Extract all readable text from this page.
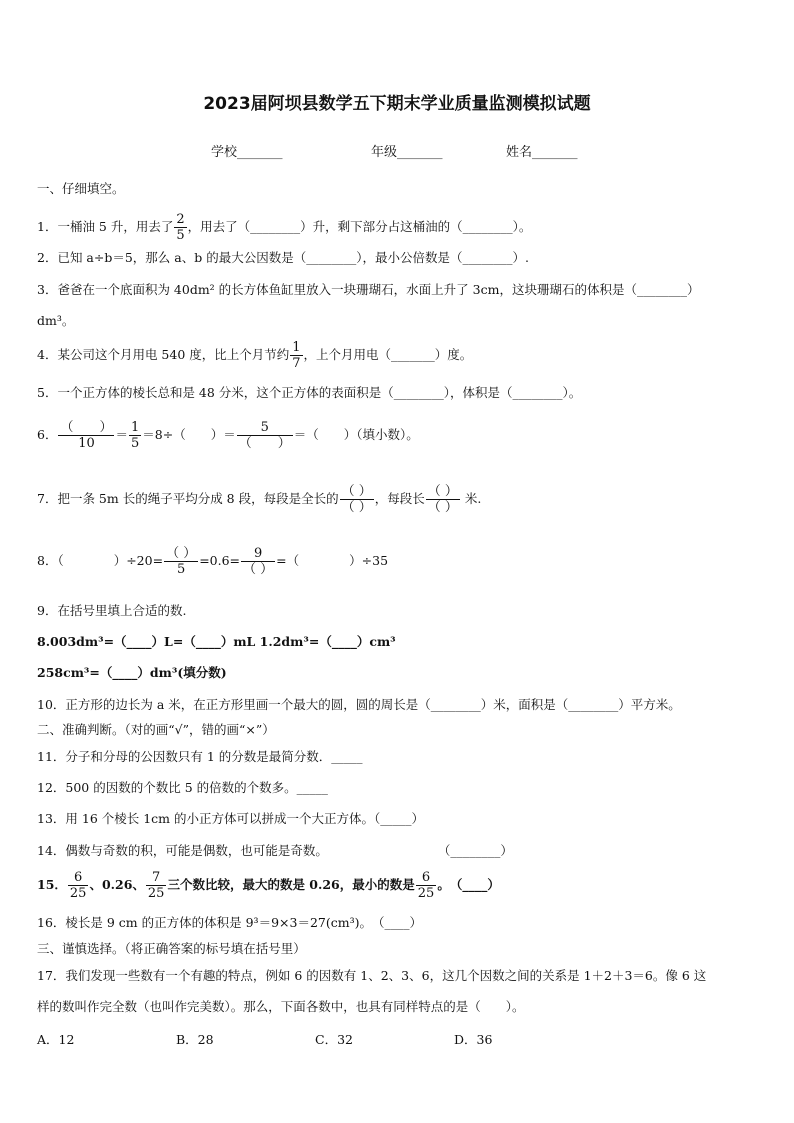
2023届阿坝县数学五下期末学业质量监测模拟试题
学校_______	年级_______	姓名_______
一、仔细填空。
1．一桶油 5 升，用去了 $\frac{2}{5}$ ，用去了（________）升，剩下部分占这桶油的（________）。
2．已知 a÷b＝5，那么 a、b 的最大公因数是（________），最小公倍数是（________）.
3．爸爸在一个底面积为 40dm² 的长方体鱼缸里放入一块珊瑚石，水面上升了 3cm，这块珊瑚石的体积是（________）
dm³。
4．某公司这个月用电 540 度，比上个月节约 $\frac{1}{7}$ ，上个月用电（_______）度。
5．一个正方体的棱长总和是 48 分米，这个正方体的表面积是（________），体积是（________）。
6． $\frac{( )}{10} = \frac{1}{5} =8\div$（　　）＝ $\frac{5}{( )}$ ＝（　　）（填小数）。
7．把一条 5m 长的绳子平均分成 8 段，每段是全长的 $\frac{( )}{( )}$ ，每段长 $\frac{( )}{( )}$ 米.
8．（　　　　）$\div 20= \frac{( )}{5} =0.6= \frac{9}{( )}$ =（　　　　）÷35
9．在括号里填上合适的数.
8.003dm³=（____）L=（____）mL 1.2dm³=（____）cm³
258cm³=（____）dm³(填分数)
10．正方形的边长为 a 米，在正方形里画一个最大的圆，圆的周长是（________）米，面积是（________）平方米。
二、准确判断。（对的画“√”，错的画“×”）
11．分子和分母的公因数只有 1 的分数是最简分数．_____
12．500 的因数的个数比 5 的倍数的个数多。_____
13．用 16 个棱长 1cm 的小正方体可以拼成一个大正方体。（_____）
14．偶数与奇数的积，可能是偶数，也可能是奇数。	（________）
15． $\frac{6}{25}$ 、0.26、 $\frac{7}{25}$ 三个数比较，最大的数是 0.26，最小的数是 $\frac{6}{25}$ 。　（____）
16．棱长是 9 cm 的正方体的体积是 9³＝9×3＝27(cm³)。　（____）
三、谨慎选择。（将正确答案的标号填在括号里）
17．我们发现一些数有一个有趣的特点，例如 6 的因数有 1、2、3、6，这几个因数之间的关系是 1＋2＋3＝6。像 6 这
样的数叫作完全数（也叫作完美数）。那么，下面各数中，也具有同样特点的是（　　）。
A．12	B．28	C．32	D．36
